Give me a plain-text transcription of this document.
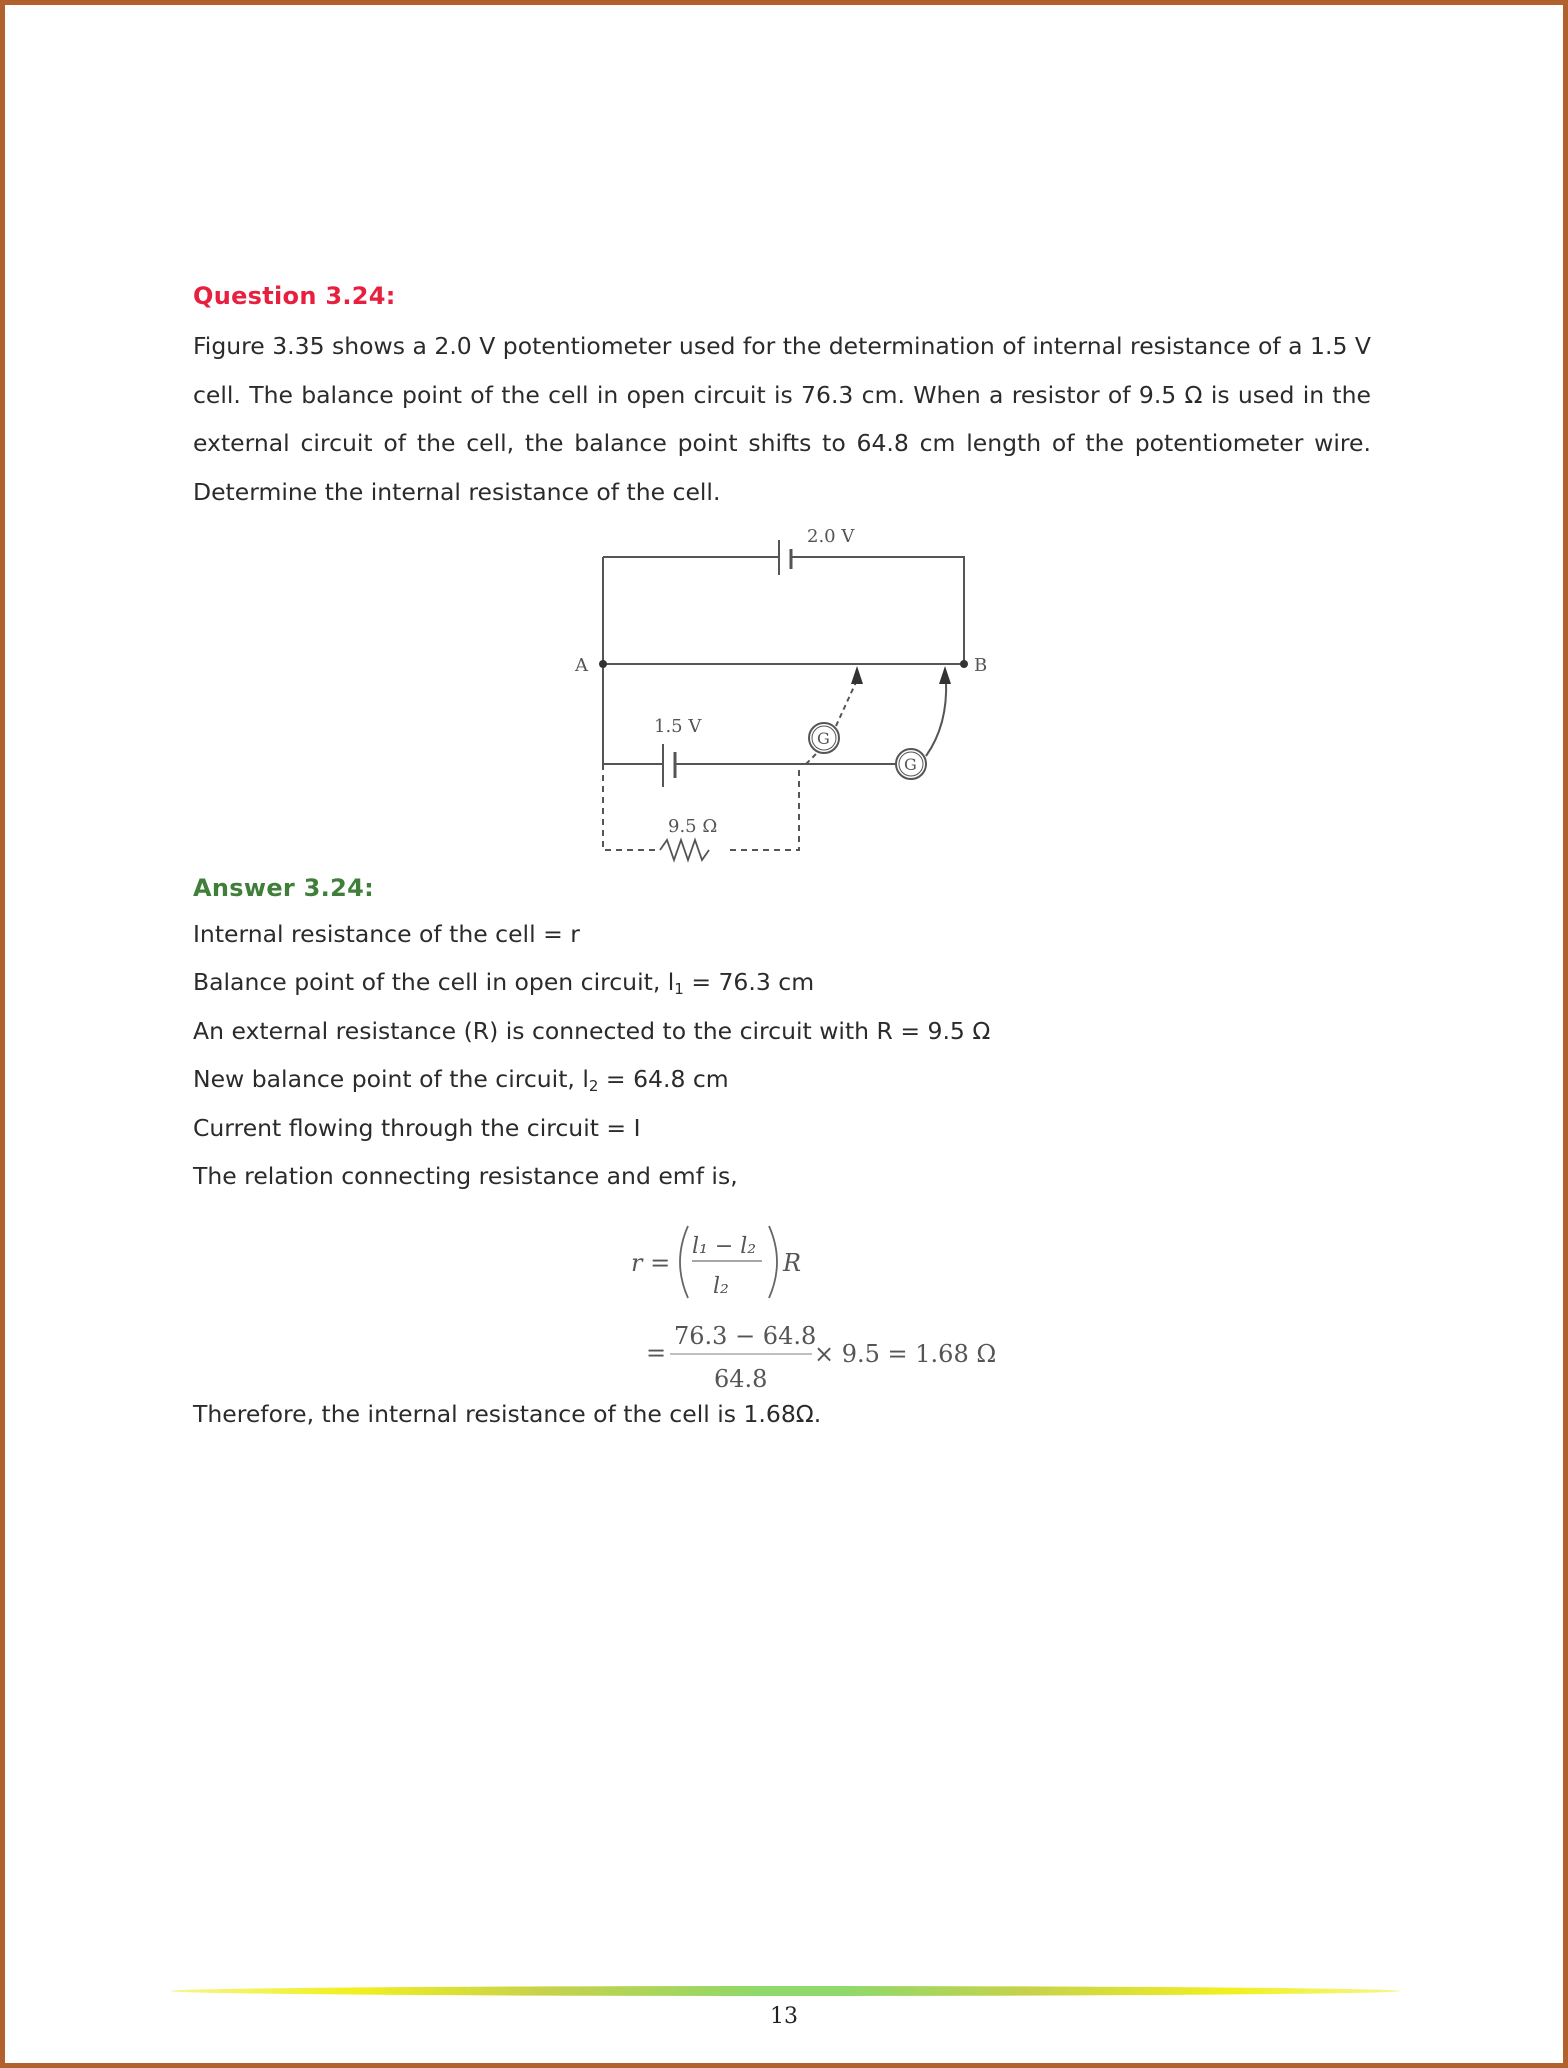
Question 3.24:
Figure 3.35 shows a 2.0 V potentiometer used for the determination of internal resistance of a 1.5 V cell. The balance point of the cell in open circuit is 76.3 cm. When a resistor of 9.5 Ω is used in the external circuit of the cell, the balance point shifts to 64.8 cm length of the potentiometer wire. Determine the internal resistance of the cell.
2.0 V
A	B
1.5 V
9.5 Ω
G
G
Answer 3.24:
Internal resistance of the cell = r
Balance point of the cell in open circuit, $l_1 = 76.3$ cm
An external resistance (R) is connected to the circuit with R = 9.5 Ω
New balance point of the circuit, $l_2 = 64.8$ cm
Current flowing through the circuit = I
The relation connecting resistance and emf is,
r =
l₁ − l₂
l₂
R
=
76.3 − 64.8
64.8
× 9.5 = 1.68 Ω
Therefore, the internal resistance of the cell is 1.68Ω.
13
